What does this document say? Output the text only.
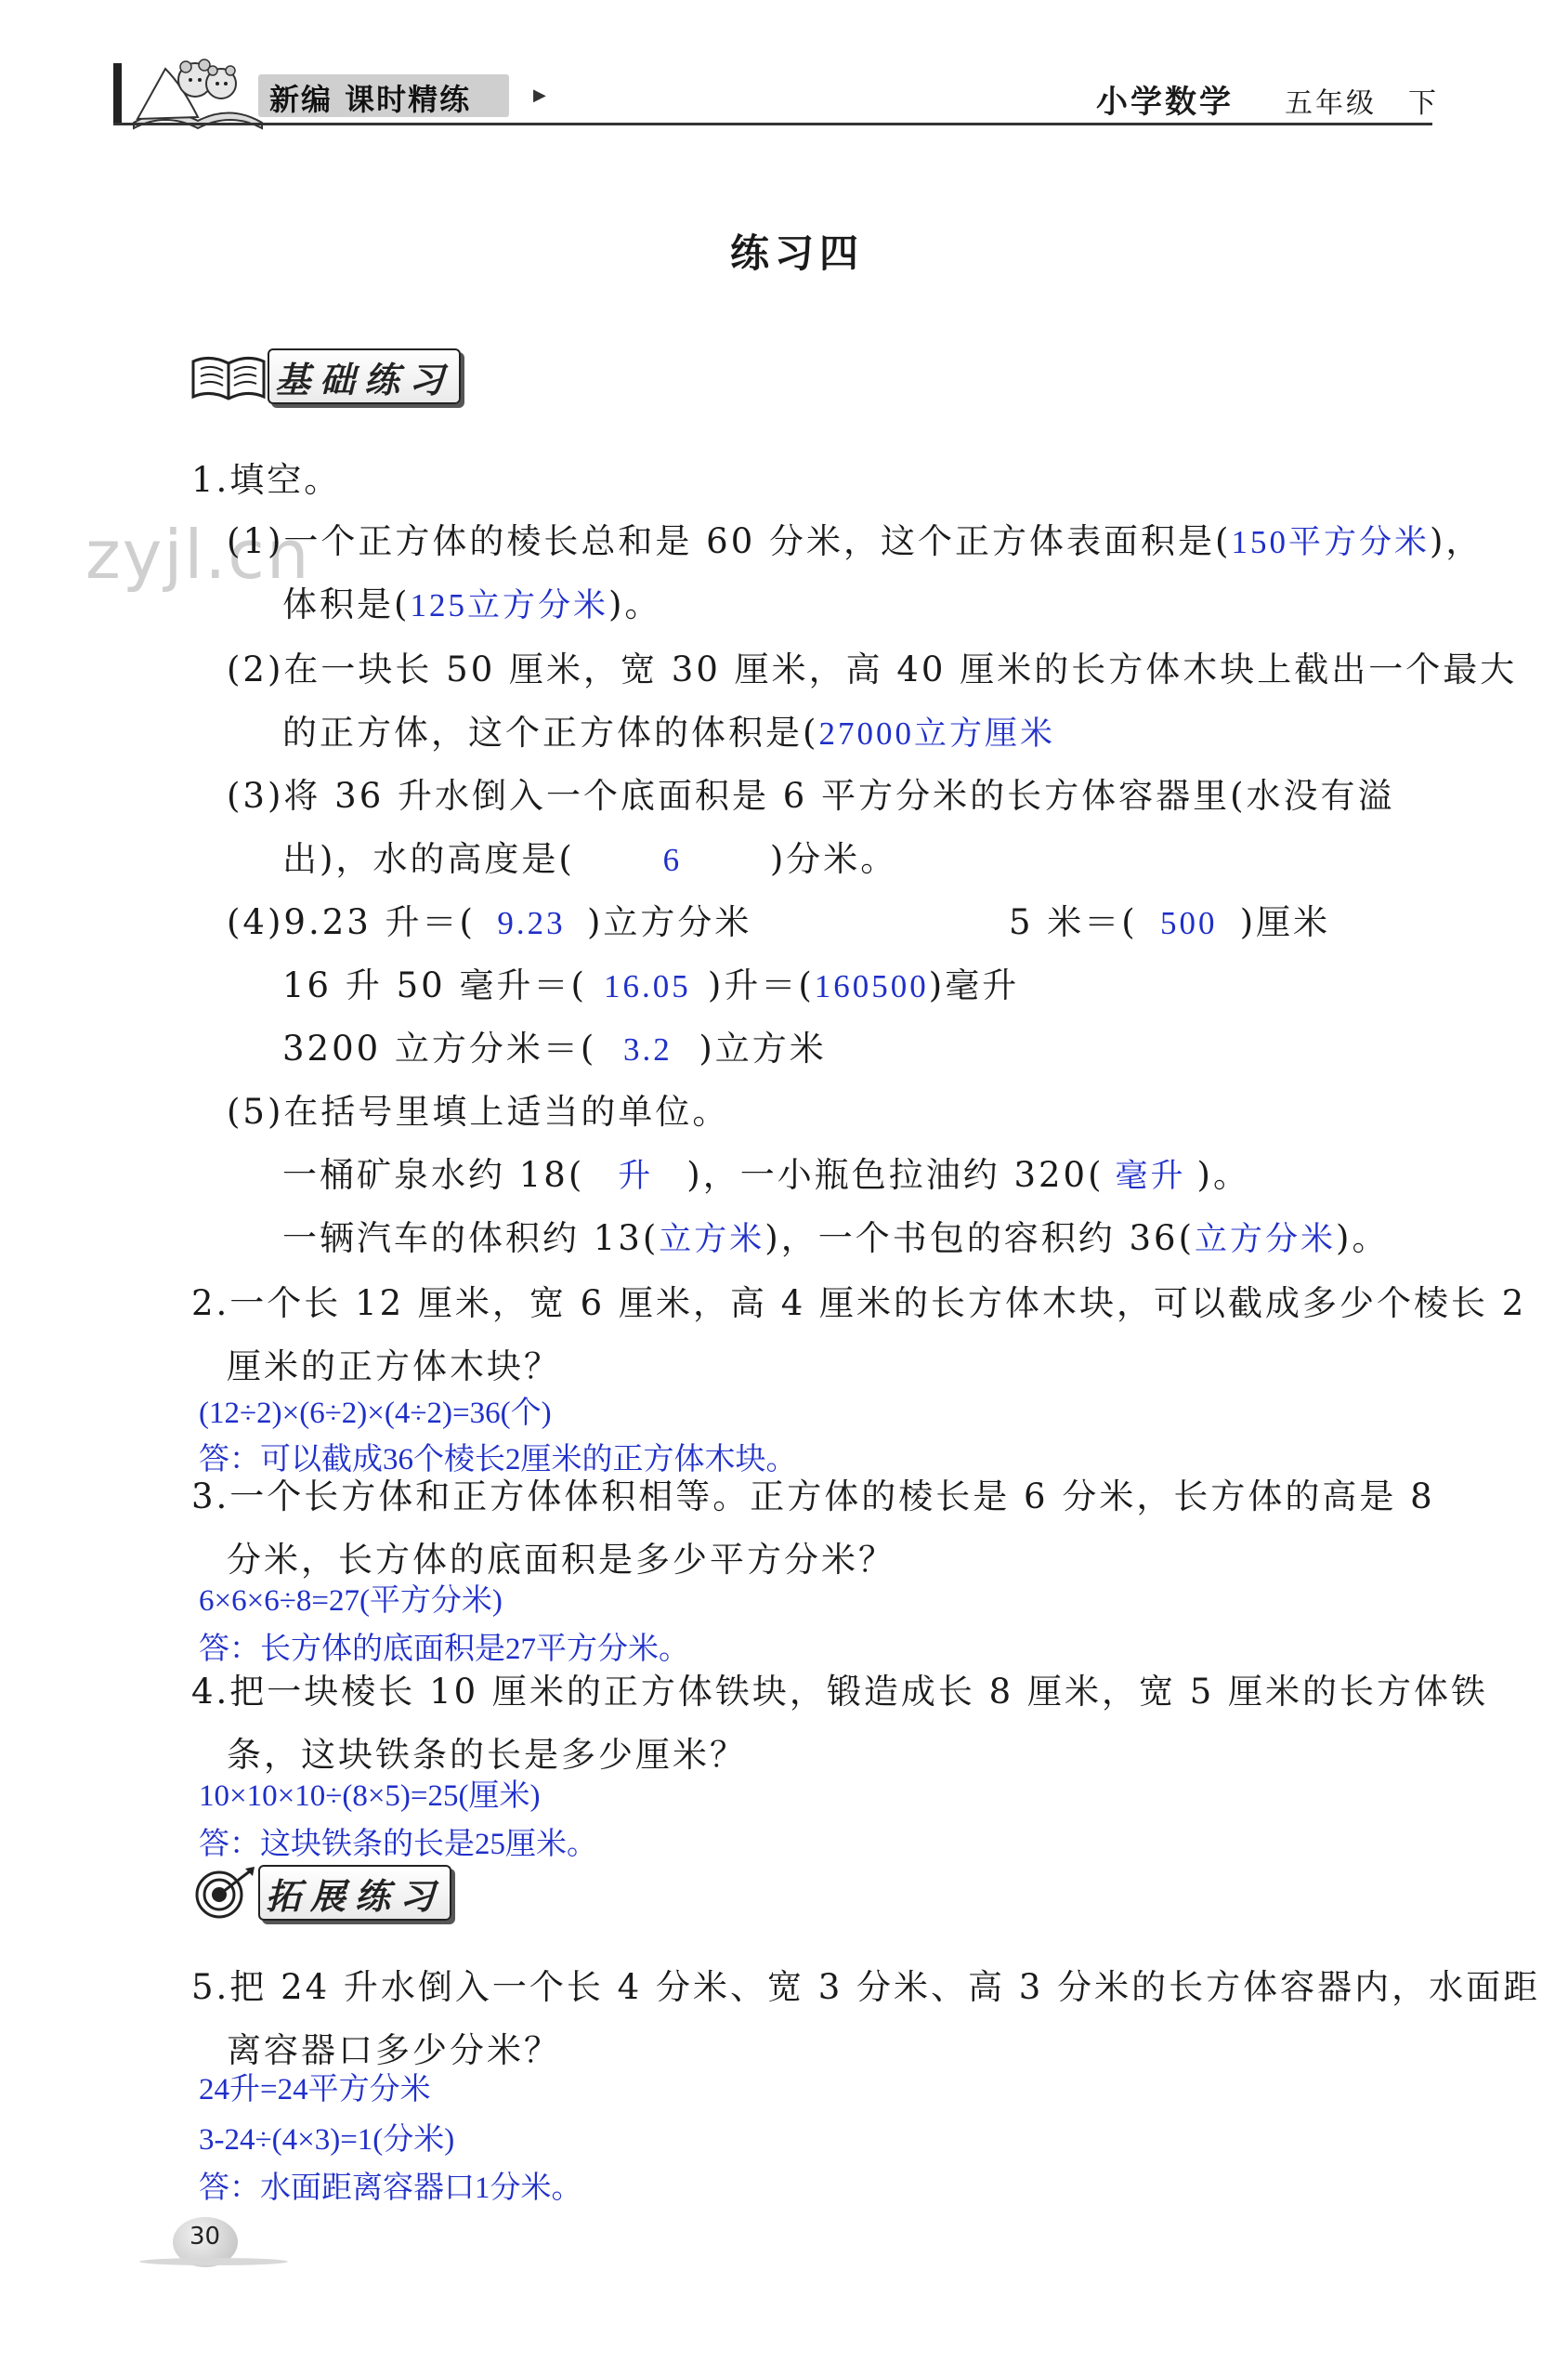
新编 课时精练	▶	小学数学 五年级 下
练习四
基础练习
zyjl.cn
1.填空。
(1)一个正方体的棱长总和是 60 分米，这个正方体表面积是(150平方分米)，
体积是(125立方分米)。
(2)在一块长 50 厘米，宽 30 厘米，高 40 厘米的长方体木块上截出一个最大
的正方体，这个正方体的体积是(27000立方厘米
(3)将 36 升水倒入一个底面积是 6 平方分米的长方体容器里(水没有溢
出)，水的高度是(	6	)分米。
(4)9.23 升＝( 9.23 )立方分米	5 米＝( 500 )厘米
16 升 50 毫升＝( 16.05 )升＝(160500)毫升
3200 立方分米＝( 3.2 )立方米
(5)在括号里填上适当的单位。
一桶矿泉水约 18( 升 )，一小瓶色拉油约 320( 毫升 )。
一辆汽车的体积约 13(立方米)，一个书包的容积约 36(立方分米)。
2.一个长 12 厘米，宽 6 厘米，高 4 厘米的长方体木块，可以截成多少个棱长 2
厘米的正方体木块？
(12÷2)×(6÷2)×(4÷2)=36(个)
答：可以截成36个棱长2厘米的正方体木块。
3.一个长方体和正方体体积相等。正方体的棱长是 6 分米，长方体的高是 8
分米，长方体的底面积是多少平方分米？
6×6×6÷8=27(平方分米)
答：长方体的底面积是27平方分米。
4.把一块棱长 10 厘米的正方体铁块，锻造成长 8 厘米，宽 5 厘米的长方体铁
条，这块铁条的长是多少厘米？
10×10×10÷(8×5)=25(厘米)
答：这块铁条的长是25厘米。
拓展练习
5.把 24 升水倒入一个长 4 分米、宽 3 分米、高 3 分米的长方体容器内，水面距
离容器口多少分米？
24升=24平方分米
3-24÷(4×3)=1(分米)
答：水面距离容器口1分米。
30
